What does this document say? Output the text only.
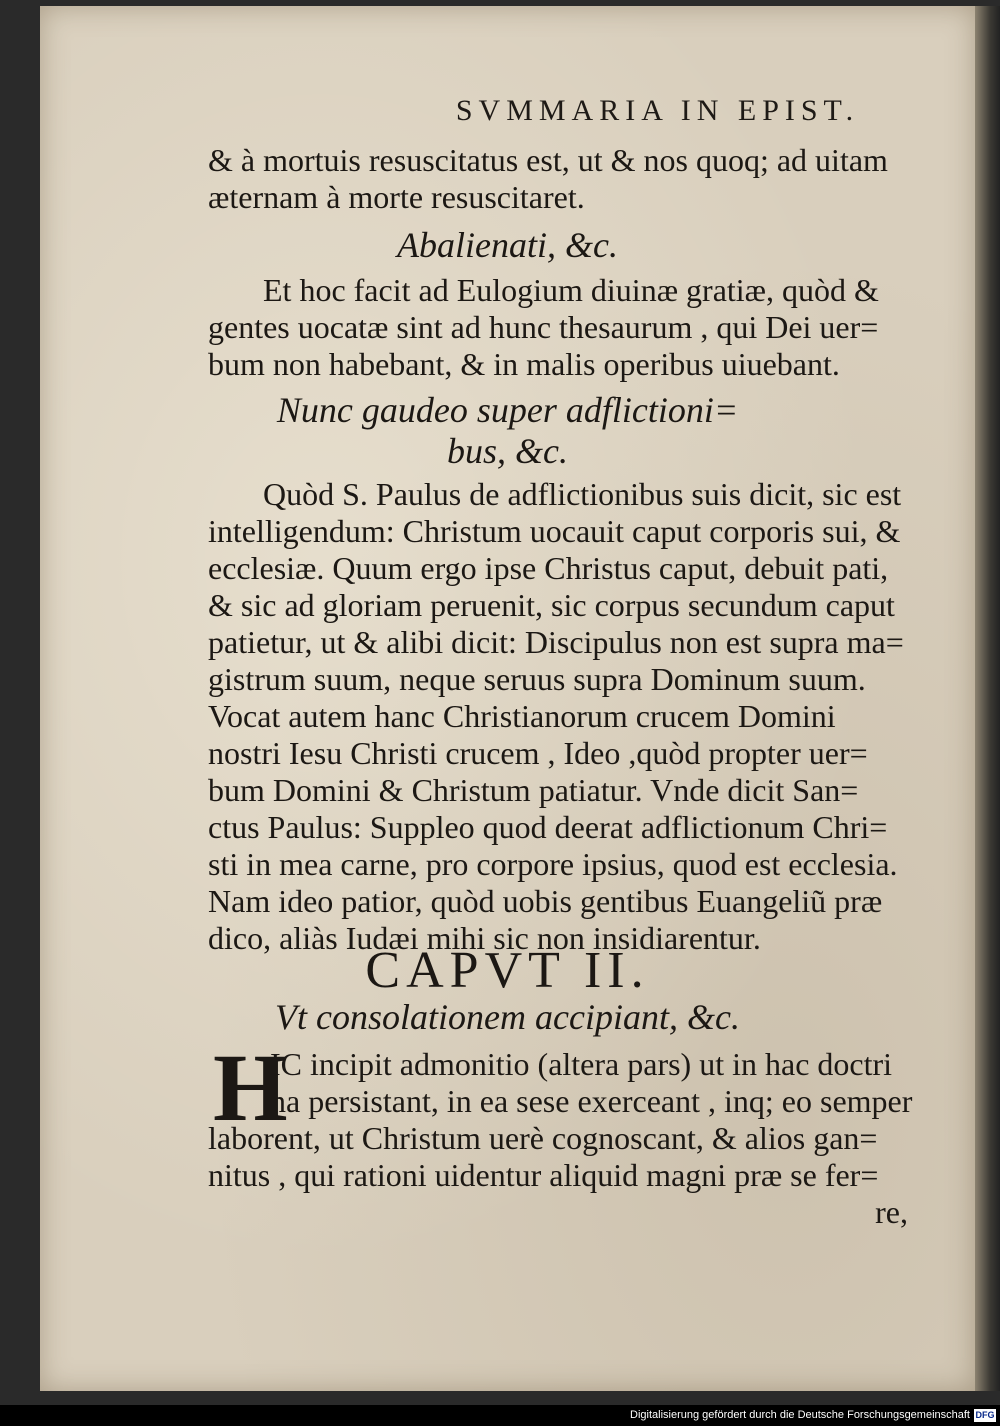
SVMMARIA IN EPIST.
Abalienati, &c.
Nunc gaudeo super adflictioni=
bus, &c.
CAPVT II.
Vt consolationem accipiant, &c.
& à mortuis resuscitatus est, ut & nos quoq; ad uitam
æternam à morte resuscitaret.
Et hoc facit ad Eulogium diuinæ gratiæ, quòd &
gentes uocatæ sint ad hunc thesaurum , qui Dei uer=
bum non habebant, & in malis operibus uiuebant.
Quòd S. Paulus de adflictionibus suis dicit, sic est
intelligendum: Christum uocauit caput corporis sui, &
ecclesiæ. Quum ergo ipse Christus caput, debuit pati,
& sic ad gloriam peruenit, sic corpus secundum caput
patietur, ut & alibi dicit: Discipulus non est supra ma=
gistrum suum, neque seruus supra Dominum suum.
Vocat autem hanc Christianorum crucem Domini
nostri Iesu Christi crucem , Ideo ,quòd propter uer=
bum Domini & Christum patiatur. Vnde dicit San=
ctus Paulus: Suppleo quod deerat adflictionum Chri=
sti in mea carne, pro corpore ipsius, quod est ecclesia.
Nam ideo patior, quòd uobis gentibus Euangeliũ præ
dico, aliàs Iudæi mihi sic non insidiarentur.
H
IC incipit admonitio (altera pars) ut in hac doctri
na persistant, in ea sese exerceant , inq; eo semper
laborent, ut Christum uerè cognoscant, & alios gan=
nitus , qui rationi uidentur aliquid magni præ se fer=
re,
Digitalisierung gefördert durch die Deutsche Forschungsgemeinschaft DFG
